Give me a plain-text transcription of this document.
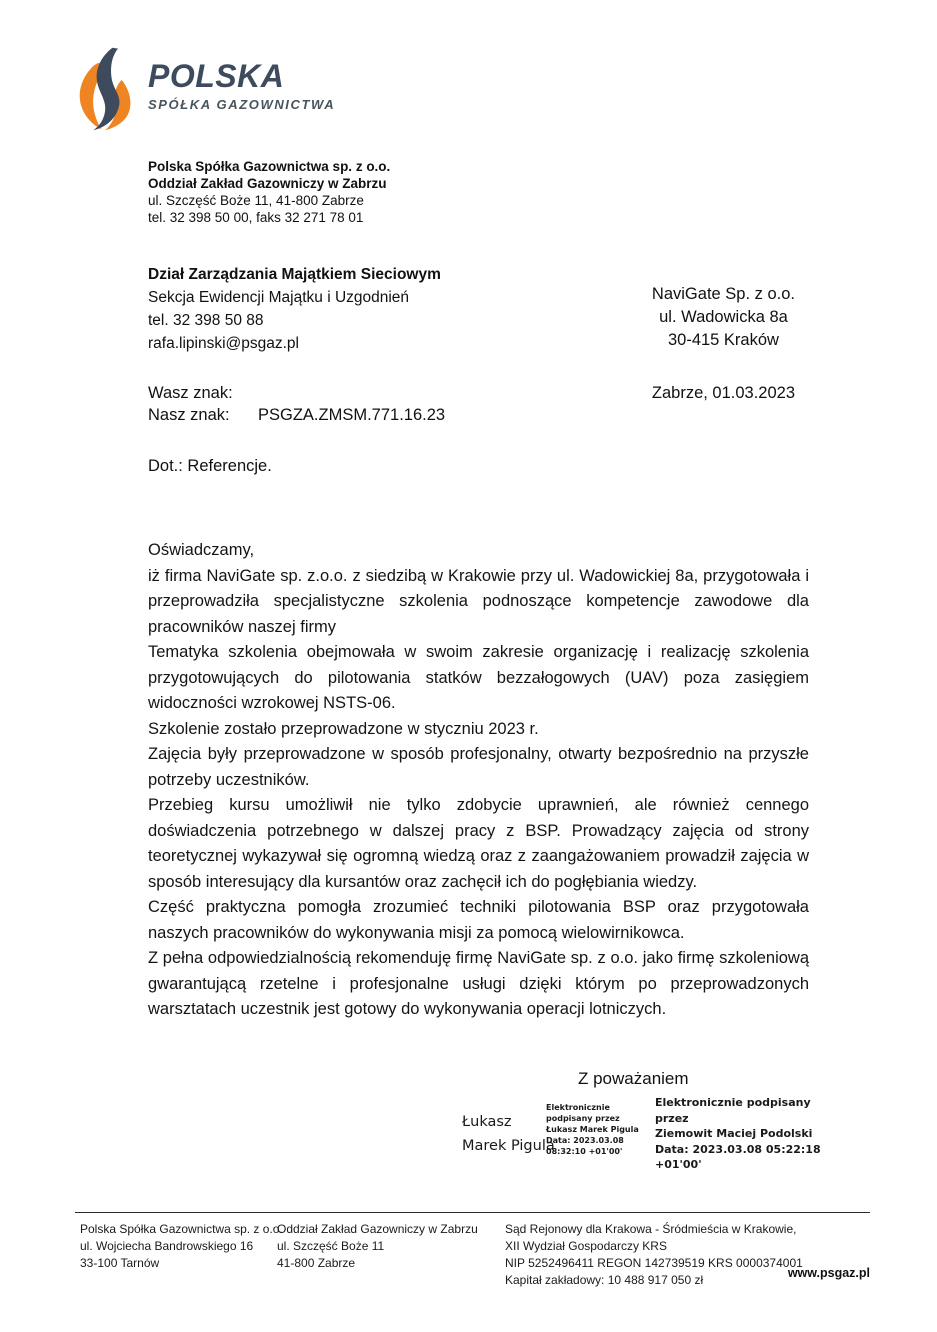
POLSKA
SPÓŁKA GAZOWNICTWA
Polska Spółka Gazownictwa sp. z o.o.
Oddział Zakład Gazowniczy w Zabrzu
ul. Szczęść Boże 11, 41-800 Zabrze
tel. 32 398 50 00, faks 32 271 78 01
Dział Zarządzania Majątkiem Sieciowym
Sekcja Ewidencji Majątku i Uzgodnień
tel. 32 398 50 88
rafa.lipinski@psgaz.pl
NaviGate Sp. z o.o.
ul. Wadowicka 8a
30-415 Kraków
Wasz znak:	Zabrze, 01.03.2023
Nasz znak: PSGZA.ZMSM.771.16.23
Dot.: Referencje.

Oświadczamy,

iż firma NaviGate sp. z.o.o. z siedzibą w Krakowie przy ul. Wadowickiej 8a, przygotowała i przeprowadziła specjalistyczne szkolenia podnoszące kompetencje zawodowe dla pracowników naszej firmy

Tematyka szkolenia obejmowała w swoim zakresie organizację i realizację szkolenia przygotowujących do pilotowania statków bezzałogowych (UAV) poza zasięgiem widoczności wzrokowej NSTS-06.

Szkolenie zostało przeprowadzone w styczniu 2023 r.

Zajęcia były przeprowadzone w sposób profesjonalny, otwarty bezpośrednio na przyszłe potrzeby uczestników.

Przebieg kursu umożliwił nie tylko zdobycie uprawnień, ale również cennego doświadczenia potrzebnego w dalszej pracy z BSP. Prowadzący zajęcia od strony teoretycznej wykazywał się ogromną wiedzą oraz z zaangażowaniem prowadził zajęcia w sposób interesujący dla kursantów oraz zachęcił ich do pogłębiania wiedzy.

Część praktyczna pomogła zrozumieć techniki pilotowania BSP oraz przygotowała naszych pracowników do wykonywania misji za pomocą wielowirnikowca.

Z pełna odpowiedzialnością rekomenduję firmę NaviGate sp. z o.o. jako firmę szkoleniową gwarantującą rzetelne i profesjonalne usługi dzięki którym po przeprowadzonych warsztatach uczestnik jest gotowy do wykonywania operacji lotniczych.

Z poważaniem
Łukasz
Marek Pigula
Elektronicznie
podpisany przez
Łukasz Marek Pigula
Data: 2023.03.08
08:32:10 +01'00'
Elektronicznie podpisany przez
Ziemowit Maciej Podolski
Data: 2023.03.08 05:22:18
+01'00'
Polska Spółka Gazownictwa sp. z o.o.
ul. Wojciecha Bandrowskiego 16
33-100 Tarnów
Oddział Zakład Gazowniczy w Zabrzu
ul. Szczęść Boże 11
41-800 Zabrze
Sąd Rejonowy dla Krakowa - Śródmieścia w Krakowie,
XII Wydział Gospodarczy KRS
NIP 5252496411 REGON 142739519 KRS 0000374001
Kapitał zakładowy: 10 488 917 050 zł	www.psgaz.pl
